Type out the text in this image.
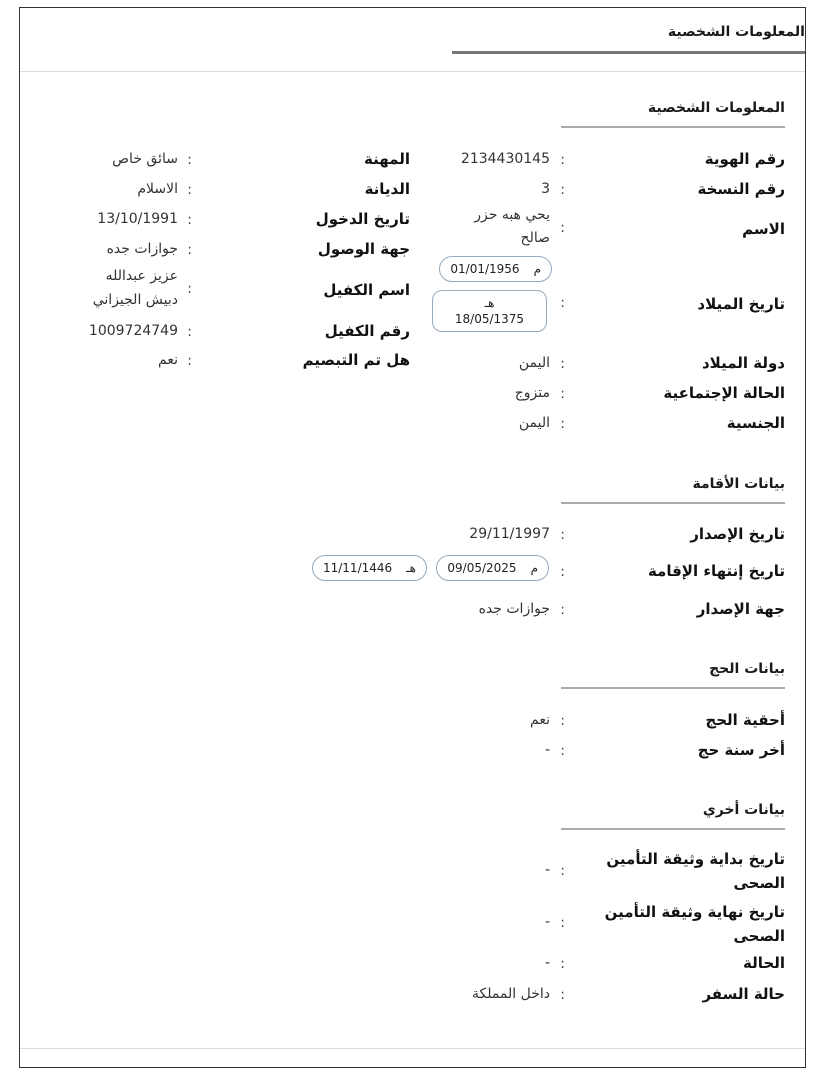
المعلومات الشخصية
المعلومات الشخصية
رقم الهوية
:
2134430145
رقم النسخة
:
3
الاسم
:
يحي هبه حزر
صالح
تاريخ الميلاد
:
م01/01/1956
هـ
18/05/1375
دولة الميلاد
:
اليمن
الحالة الإجتماعية
:
متزوج
الجنسية
:
اليمن
المهنة
:
سائق خاص
الديانة
:
الاسلام
تاريخ الدخول
:
13/10/1991
جهة الوصول
:
جوازات جده
اسم الكفيل
:
عزيز عبدالله
دبيش الجيزاني
رقم الكفيل
:
1009724749
هل تم التبصيم
:
نعم
بيانات الأقامة
تاريخ الإصدار
:
29/11/1997
تاريخ إنتهاء الإقامة
:
م09/05/2025
هـ11/11/1446
جهة الإصدار
:
جوازات جده
بيانات الحج
أحقية الحج
:
نعم
أخر سنة حج
:
-
بيانات أخري
تاريخ بداية وثيقة التأمين
الصحى
:
-
تاريخ نهاية وثيقة التأمين
الصحى
:
-
الحالة
:
-
حالة السفر
:
داخل المملكة
